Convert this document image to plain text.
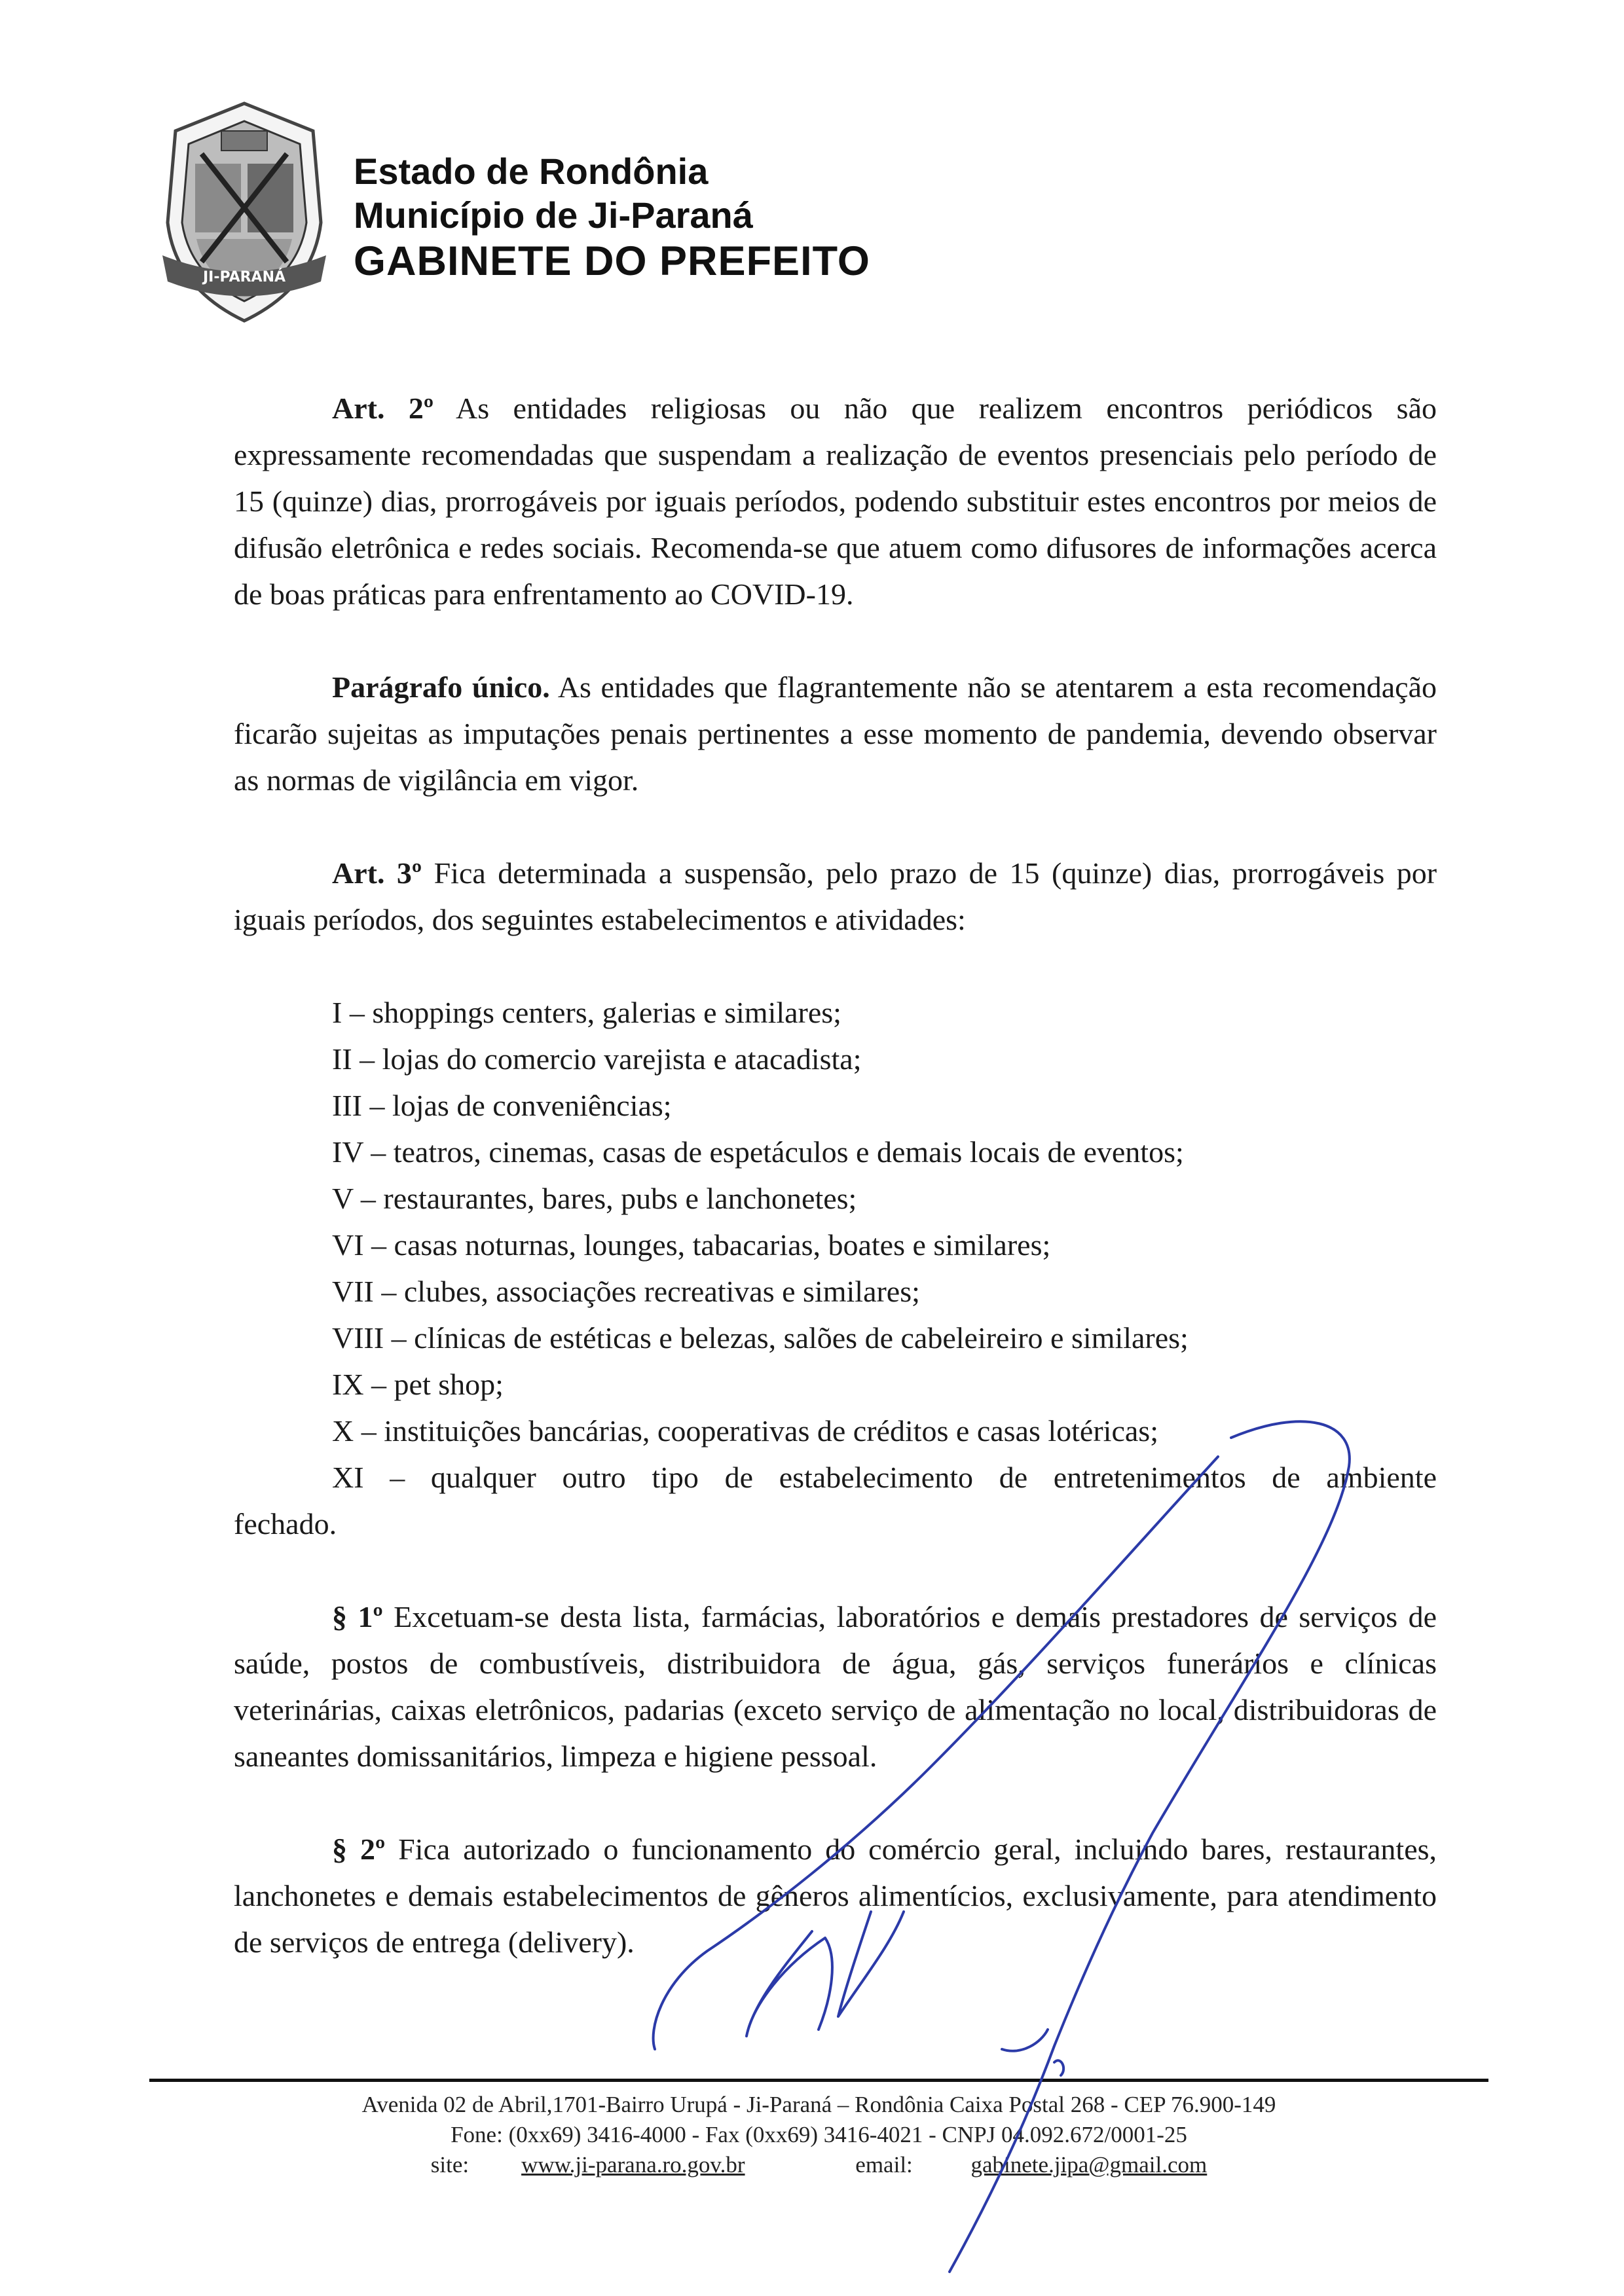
JI-PARANÁ
Estado de Rondônia
Município de Ji-Paraná
GABINETE DO PREFEITO

Art. 2º As entidades religiosas ou não que realizem encontros periódicos são expressamente recomendadas que suspendam a realização de eventos presenciais pelo período de 15 (quinze) dias, prorrogáveis por iguais períodos, podendo substituir estes encontros por meios de difusão eletrônica e redes sociais. Recomenda-se que atuem como difusores de informações acerca de boas práticas para enfrentamento ao COVID-19.

Parágrafo único. As entidades que flagrantemente não se atentarem a esta recomendação ficarão sujeitas as imputações penais pertinentes a esse momento de pandemia, devendo observar as normas de vigilância em vigor.

Art. 3º Fica determinada a suspensão, pelo prazo de 15 (quinze) dias, prorrogáveis por iguais períodos, dos seguintes estabelecimentos e atividades:

I – shoppings centers, galerias e similares;
II – lojas do comercio varejista e atacadista;
III – lojas de conveniências;
IV – teatros, cinemas, casas de espetáculos e demais locais de eventos;
V – restaurantes, bares, pubs e lanchonetes;
VI – casas noturnas, lounges, tabacarias, boates e similares;
VII – clubes, associações recreativas e similares;
VIII – clínicas de estéticas e belezas, salões de cabeleireiro e similares;
IX – pet shop;
X – instituições bancárias, cooperativas de créditos e casas lotéricas;
XI – qualquer outro tipo de estabelecimento de entretenimentos de ambiente

fechado.

§ 1º Excetuam-se desta lista, farmácias, laboratórios e demais prestadores de serviços de saúde, postos de combustíveis, distribuidora de água, gás, serviços funerários e clínicas veterinárias, caixas eletrônicos, padarias (exceto serviço de alimentação no local, distribuidoras de saneantes domissanitários, limpeza e higiene pessoal.

§ 2º Fica autorizado o funcionamento do comércio geral, incluindo bares, restaurantes, lanchonetes e demais estabelecimentos de gêneros alimentícios, exclusivamente, para atendimento de serviços de entrega (delivery).

Avenida 02 de Abril,1701-Bairro Urupá - Ji-Paraná – Rondônia Caixa Postal 268 - CEP 76.900-149
Fone: (0xx69) 3416-4000 - Fax (0xx69) 3416-4021 - CNPJ 04.092.672/0001-25
site: www.ji-parana.ro.gov.br	email: gabinete.jipa@gmail.com
